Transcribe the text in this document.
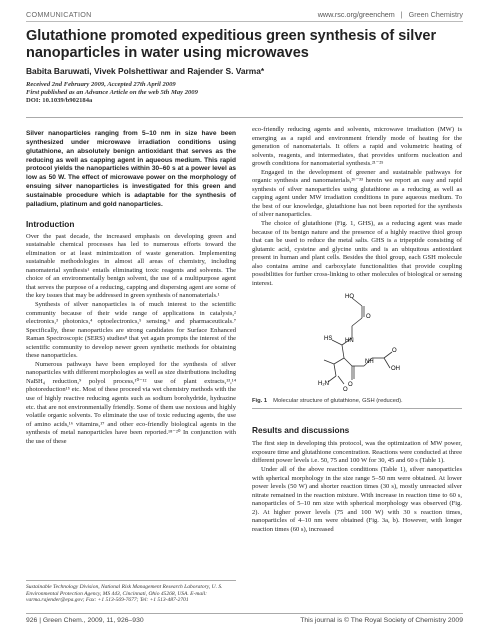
COMMUNICATION	www.rsc.org/greenchem | Green Chemistry
Glutathione promoted expeditious green synthesis of silver nanoparticles in water using microwaves
Babita Baruwati, Vivek Polshettiwar and Rajender S. Varma*
Received 2nd February 2009, Accepted 27th April 2009
First published as an Advance Article on the web 5th May 2009
DOI: 10.1039/b902184a

Silver nanoparticles ranging from 5–10 nm in size have been synthesized under microwave irradiation conditions using glutathione, an absolutely benign antioxidant that serves as the reducing as well as capping agent in aqueous medium. This rapid protocol yields the nanoparticles within 30–60 s at a power level as low as 50 W. The effect of microwave power on the morphology of ensuing silver nanoparticles is investigated for this green and sustainable procedure which is adaptable for the synthesis of palladium, platinum and gold nanoparticles.

Introduction

Over the past decade, the increased emphasis on developing green and sustainable chemical processes has led to numerous efforts toward the elimination or at least minimization of waste generation. Implementing sustainable methodologies in almost all areas of chemistry, including nanomaterial synthesis¹ entails eliminating toxic reagents and solvents. The choice of an environmentally benign solvent, the use of a multipurpose agent that serves the purpose of a reducing, capping and dispersing agent are some of the key issues that may be addressed in green synthesis of nanomaterials.¹

Synthesis of silver nanoparticles is of much interest to the scientific community because of their wide range of applications in catalysis,² electronics,³ photonics,⁴ optoelectronics,⁵ sensing,⁶ and pharmaceuticals.⁷ Specifically, these nanoparticles are strong candidates for Surface Enhanced Raman Spectroscopic (SERS) studies⁸ that yet again prompts the interest of the scientific community to develop newer green synthetic methods for obtaining these nanoparticles.

Numerous pathways have been employed for the synthesis of silver nanoparticles with different morphologies as well as size distributions including NaBH₄ reduction,⁹ polyol process,¹⁰⁻¹² use of plant extracts,¹³,¹⁴ photoreduction¹⁵ etc. Most of these proceed via wet chemistry methods with the use of highly reactive reducing agents such as sodium borohydride, hydrazine etc. that are not environmentally friendly. Some of them use noxious and highly volatile organic solvents. To eliminate the use of toxic reducing agents, the use of amino acids,¹⁶ vitamins,¹⁷ and other eco-friendly biological agents in the synthesis of metal nanoparticles have been reported.¹⁸⁻²⁰ In conjunction with the use of these

Sustainable Technology Division, National Risk Management Research Laboratory, U. S. Environmental Protection Agency, MS 443, Cincinnati, Ohio 45268, USA. E-mail: varma.rajender@epa.gov; Fax: +1 513-569-7677; Tel: +1 513-487-2701

eco-friendly reducing agents and solvents, microwave irradiation (MW) is emerging as a rapid and environment friendly mode of heating for the generation of nanomaterials. It offers a rapid and volumetric heating of solvents, reagents, and intermediates, that provides uniform nucleation and growth conditions for nanomaterial synthesis.²¹⁻²⁵

Engaged in the development of greener and sustainable pathways for organic synthesis and nanomaterials,²⁶⁻³³ herein we report an easy and rapid synthesis of silver nanoparticles using glutathione as a reducing as well as capping agent under MW irradiation conditions in pure aqueous medium. To the best of our knowledge, glutathione has not been reported for the synthesis of silver nanoparticles.

The choice of glutathione (Fig. 1, GHS), as a reducing agent was made because of its benign nature and the presence of a highly reactive thiol group that can be used to reduce the metal salts. GHS is a tripeptide consisting of glutamic acid, cysteine and glycine units and is an ubiquitous antioxidant present in human and plant cells. Besides the thiol group, each GSH molecule also contains amine and carboxylate functionalities that provide coupling possibilities for further cross-linking to other molecules of biological or sensing interest.

HO
O
HN
HS
NH
O
O
OH
H₂N
O

Fig. 1 Molecular structure of glutathione, GSH (reduced).

Results and discussions

The first step in developing this protocol, was the optimization of MW power, exposure time and glutathione concentration. Reactions were conducted at three different power levels i.e. 50, 75 and 100 W for 30, 45 and 60 s (Table 1).

Under all of the above reaction conditions (Table 1), silver nanoparticles with spherical morphology in the size range 5–50 nm were obtained. At lower power levels (50 W) and shorter reaction times (30 s), mostly unreacted silver nitrate remained in the reaction mixture. With increase in reaction time to 60 s, nanoparticles of 5–10 nm size with spherical morphology was observed (Fig. 2). At higher power levels (75 and 100 W) with 30 s reaction times, nanoparticles of 4–10 nm were obtained (Fig. 3a, b). However, with longer reaction times (60 s), increased

926 | Green Chem., 2009, 11, 926–930	This journal is © The Royal Society of Chemistry 2009
